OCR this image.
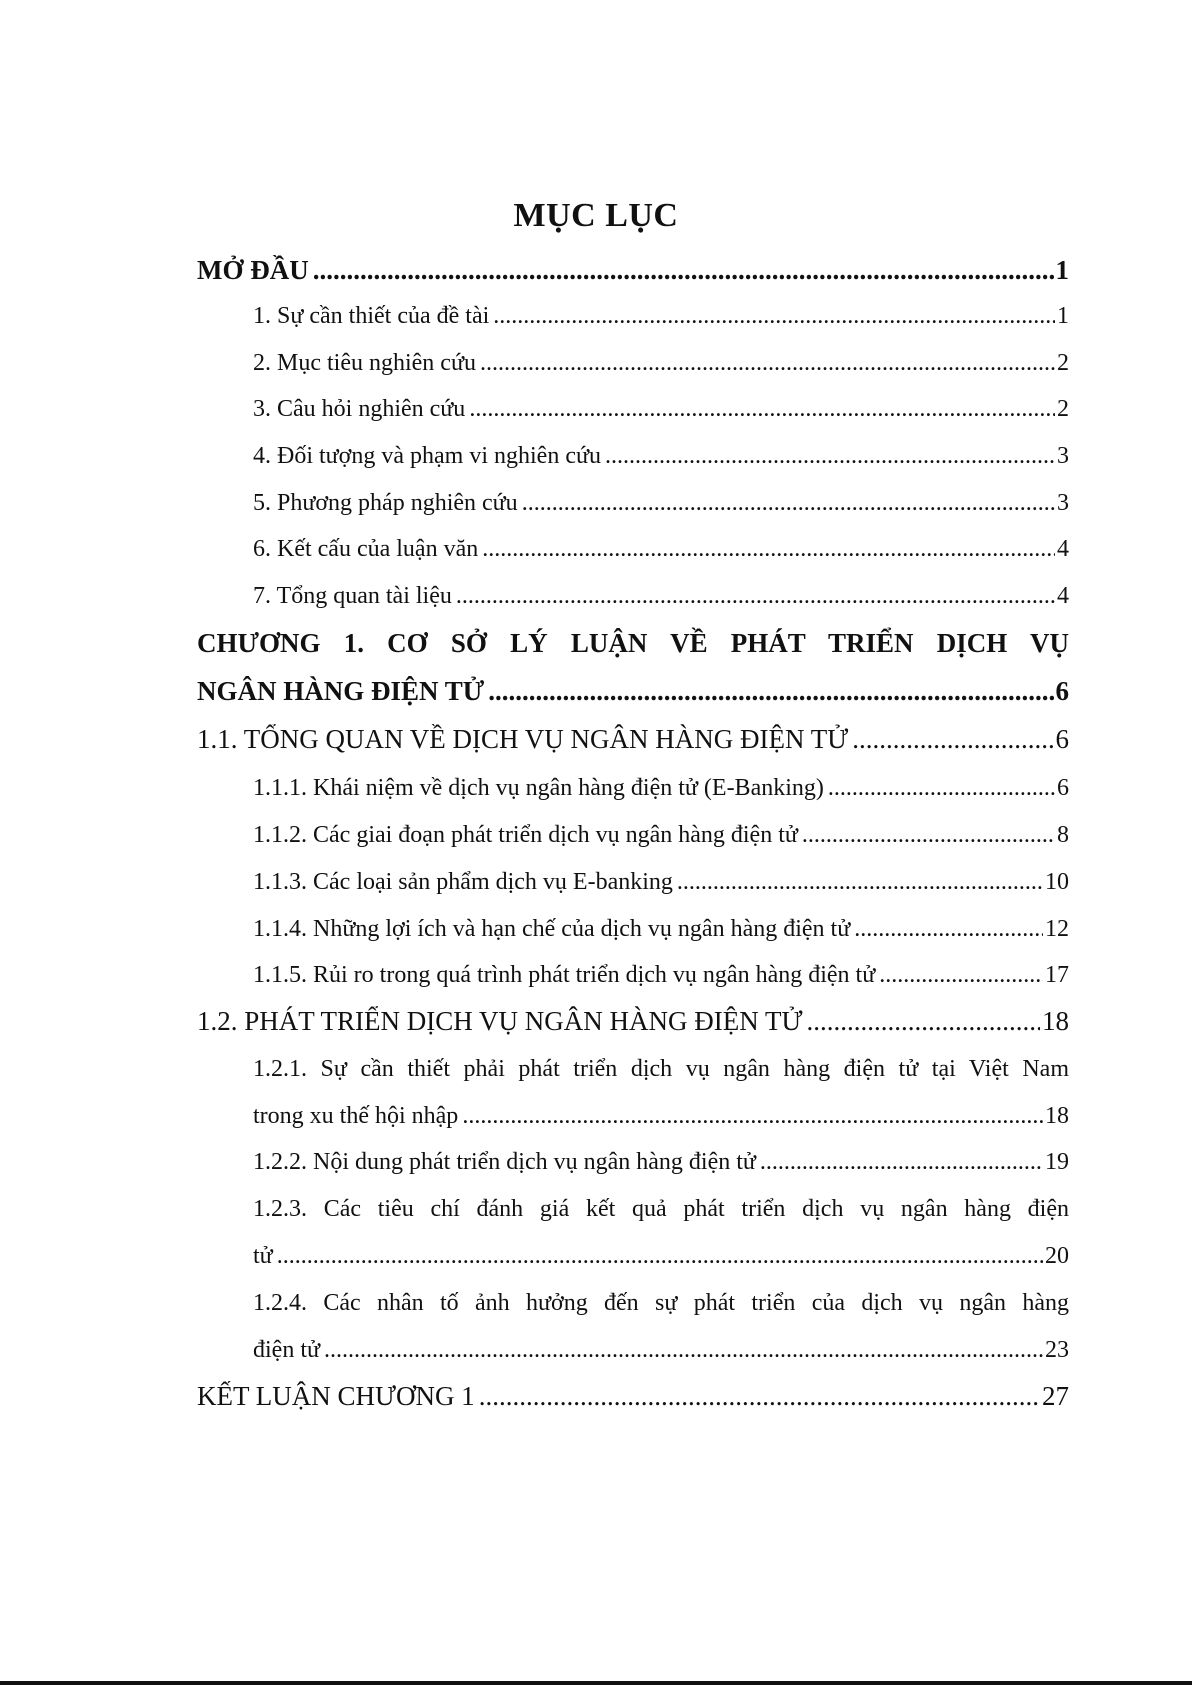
MỤC LỤC
MỞ ĐẦU .....	1
1. Sự cần thiết của đề tài .....	1
2. Mục tiêu nghiên cứu .....	2
3. Câu hỏi nghiên cứu .....	2
4. Đối tượng và phạm vi nghiên cứu .....	3
5. Phương pháp nghiên cứu .....	3
6. Kết cấu của luận văn .....	4
7. Tổng quan tài liệu .....	4
CHƯƠNG 1. CƠ SỞ LÝ LUẬN VỀ PHÁT TRIỂN DỊCH VỤ
NGÂN HÀNG ĐIỆN TỬ .....	6
1.1. TỔNG QUAN VỀ DỊCH VỤ NGÂN HÀNG ĐIỆN TỬ .....	6
1.1.1. Khái niệm về dịch vụ ngân hàng điện tử (E-Banking) .....	6
1.1.2. Các giai đoạn phát triển dịch vụ ngân hàng điện tử .....	8
1.1.3. Các loại sản phẩm dịch vụ E-banking .....	10
1.1.4. Những lợi ích và hạn chế của dịch vụ ngân hàng điện tử .....	12
1.1.5. Rủi ro trong quá trình phát triển dịch vụ ngân hàng điện tử .....	17
1.2. PHÁT TRIỂN DỊCH VỤ NGÂN HÀNG ĐIỆN TỬ .....	18
1.2.1. Sự cần thiết phải phát triển dịch vụ ngân hàng điện tử tại Việt Nam
trong xu thế hội nhập .....	18
1.2.2. Nội dung phát triển dịch vụ ngân hàng điện tử .....	19
1.2.3. Các tiêu chí đánh giá kết quả phát triển dịch vụ ngân hàng điện
tử .....	20
1.2.4. Các nhân tố ảnh hưởng đến sự phát triển của dịch vụ ngân hàng
điện tử .....	23
KẾT LUẬN CHƯƠNG 1 .....	27
